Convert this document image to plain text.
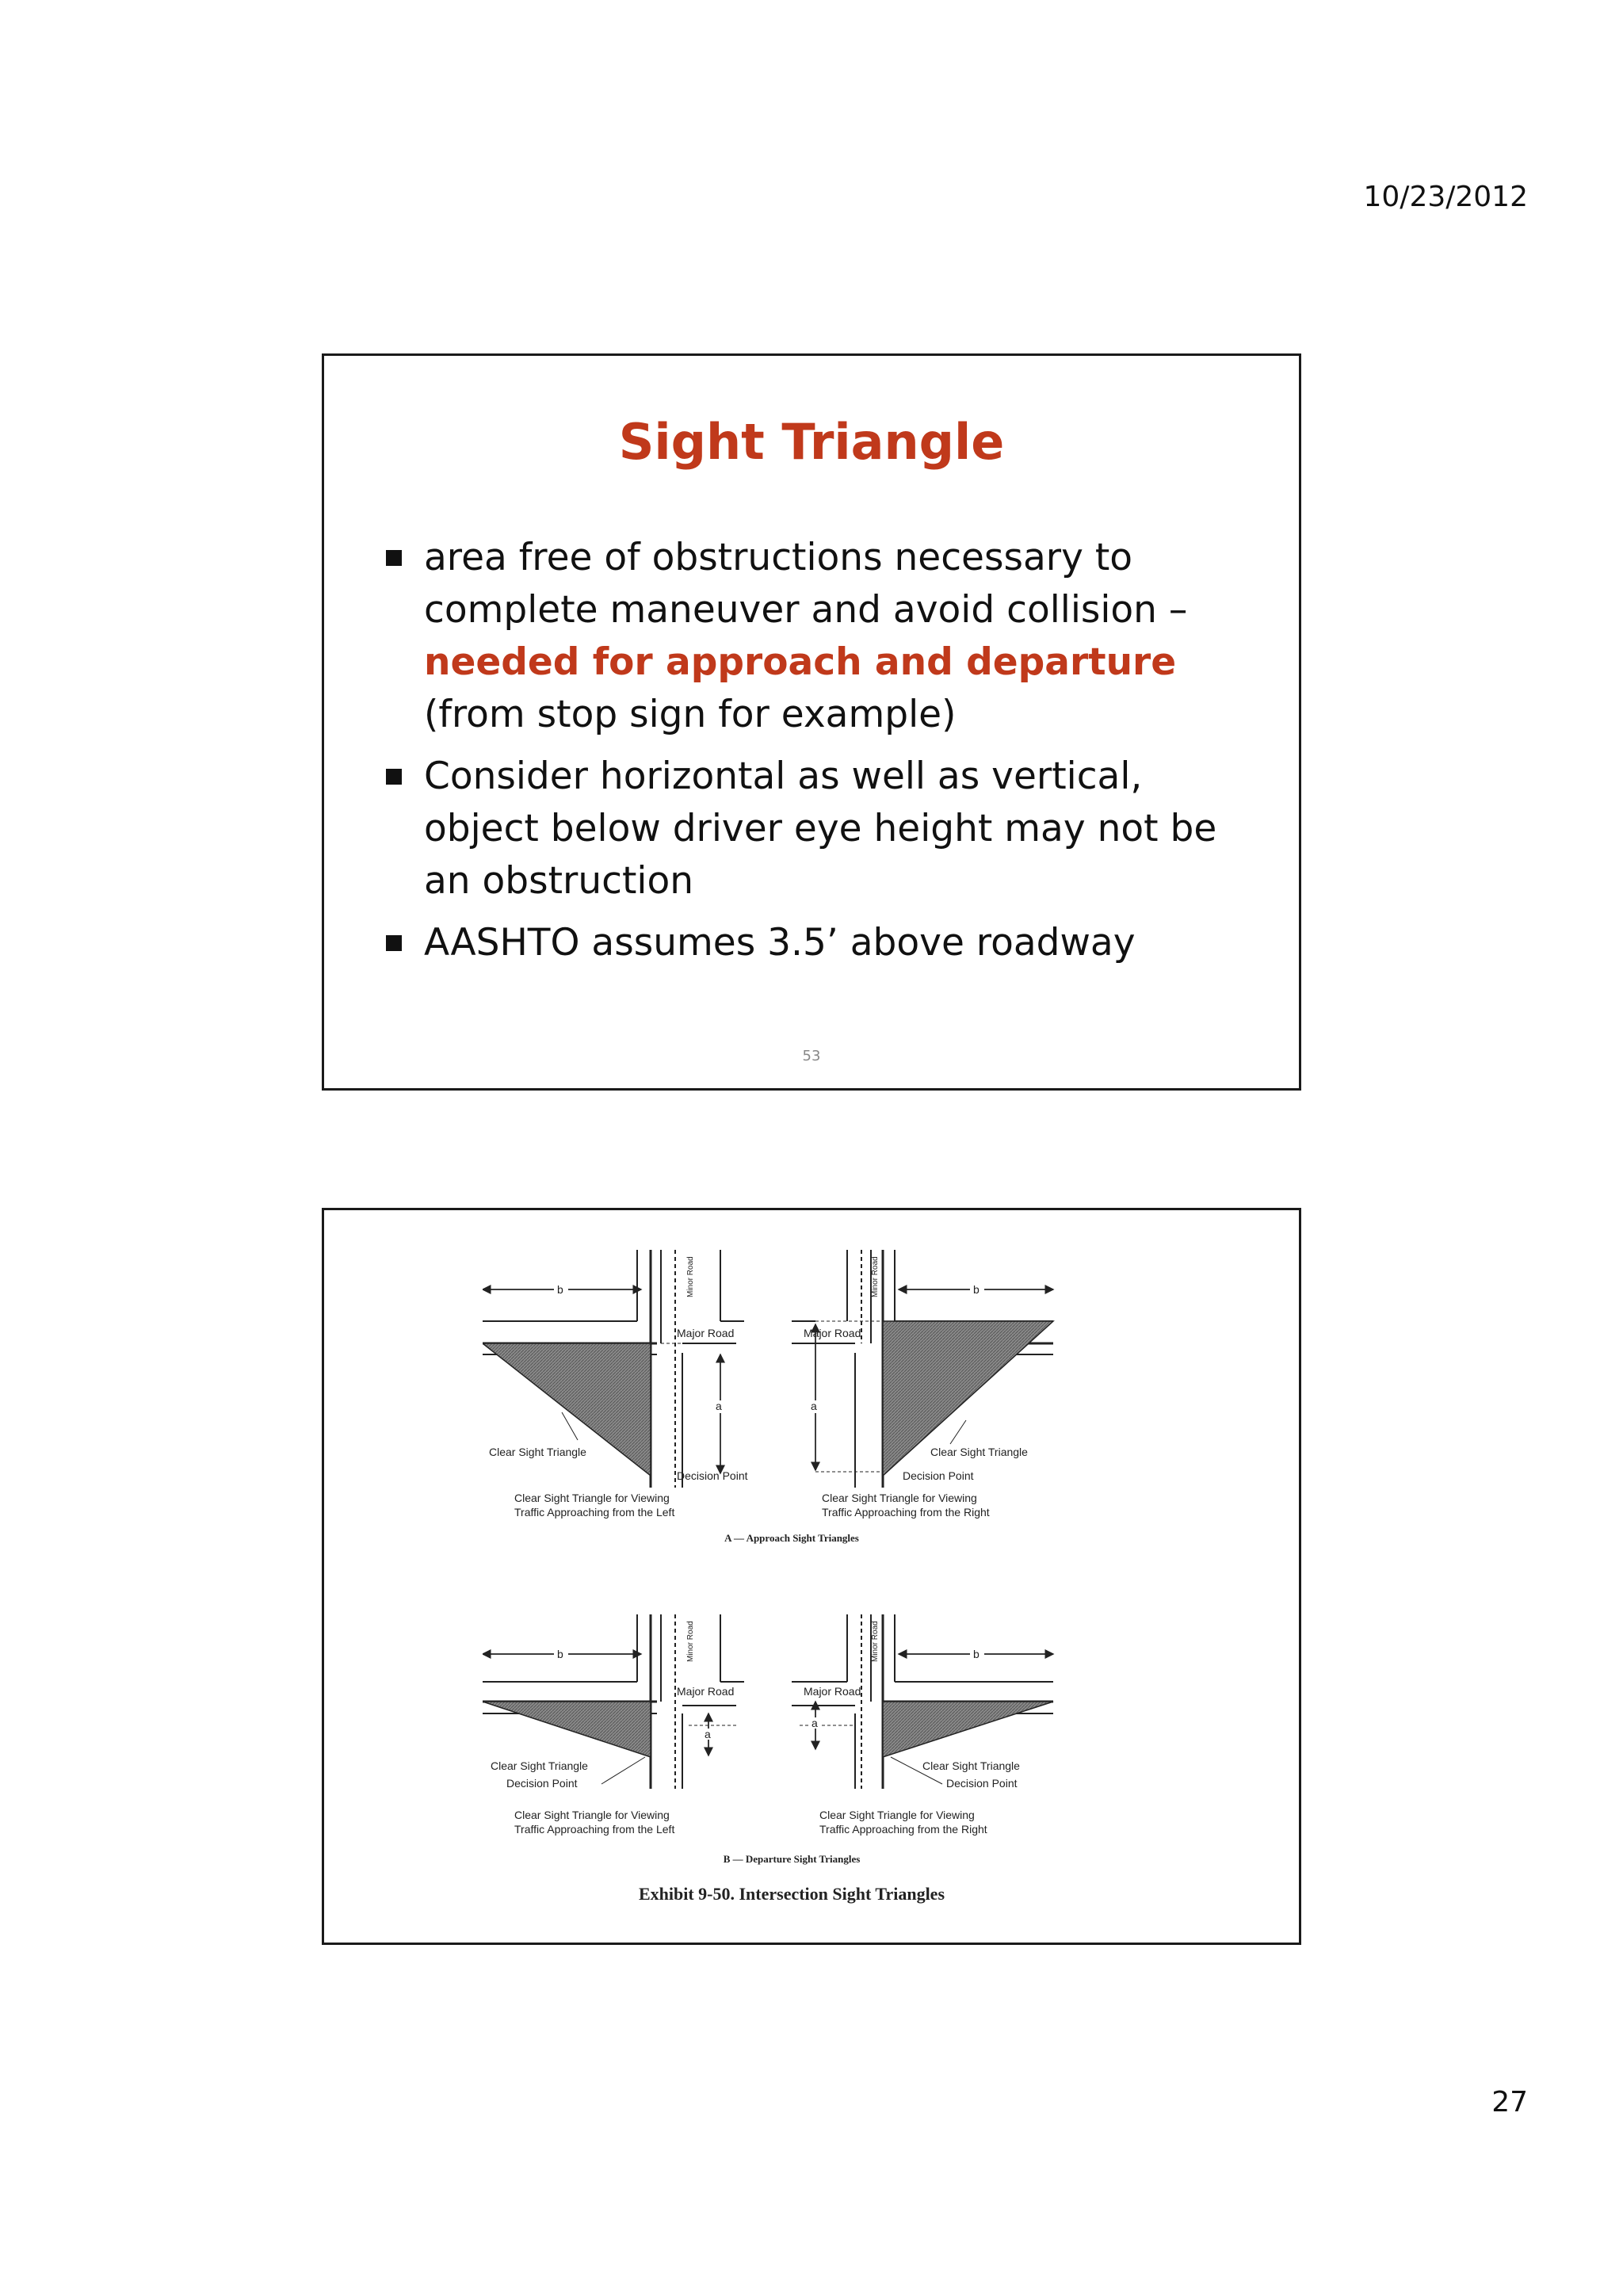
10/23/2012
Sight Triangle
area free of obstructions necessary to complete maneuver and avoid collision – needed for approach and departure (from stop sign for example)
Consider horizontal as well as vertical, object below driver eye height may not be an obstruction
AASHTO assumes 3.5’ above roadway
53
b
a
Minor Road
Major Road
Clear Sight Triangle
Decision Point
Clear Sight Triangle for Viewing
Traffic Approaching from the Left
b
a
Minor Road
Major Road
Clear Sight Triangle
Decision Point
Clear Sight Triangle for Viewing
Traffic Approaching from the Right
A — Approach Sight Triangles
b
a
Minor Road
Major Road
Clear Sight Triangle
Decision Point
Clear Sight Triangle for Viewing
Traffic Approaching from the Left
b
a
Minor Road
Major Road
Clear Sight Triangle
Decision Point
Clear Sight Triangle for Viewing
Traffic Approaching from the Right
B — Departure Sight Triangles
Exhibit 9-50. Intersection Sight Triangles
27
